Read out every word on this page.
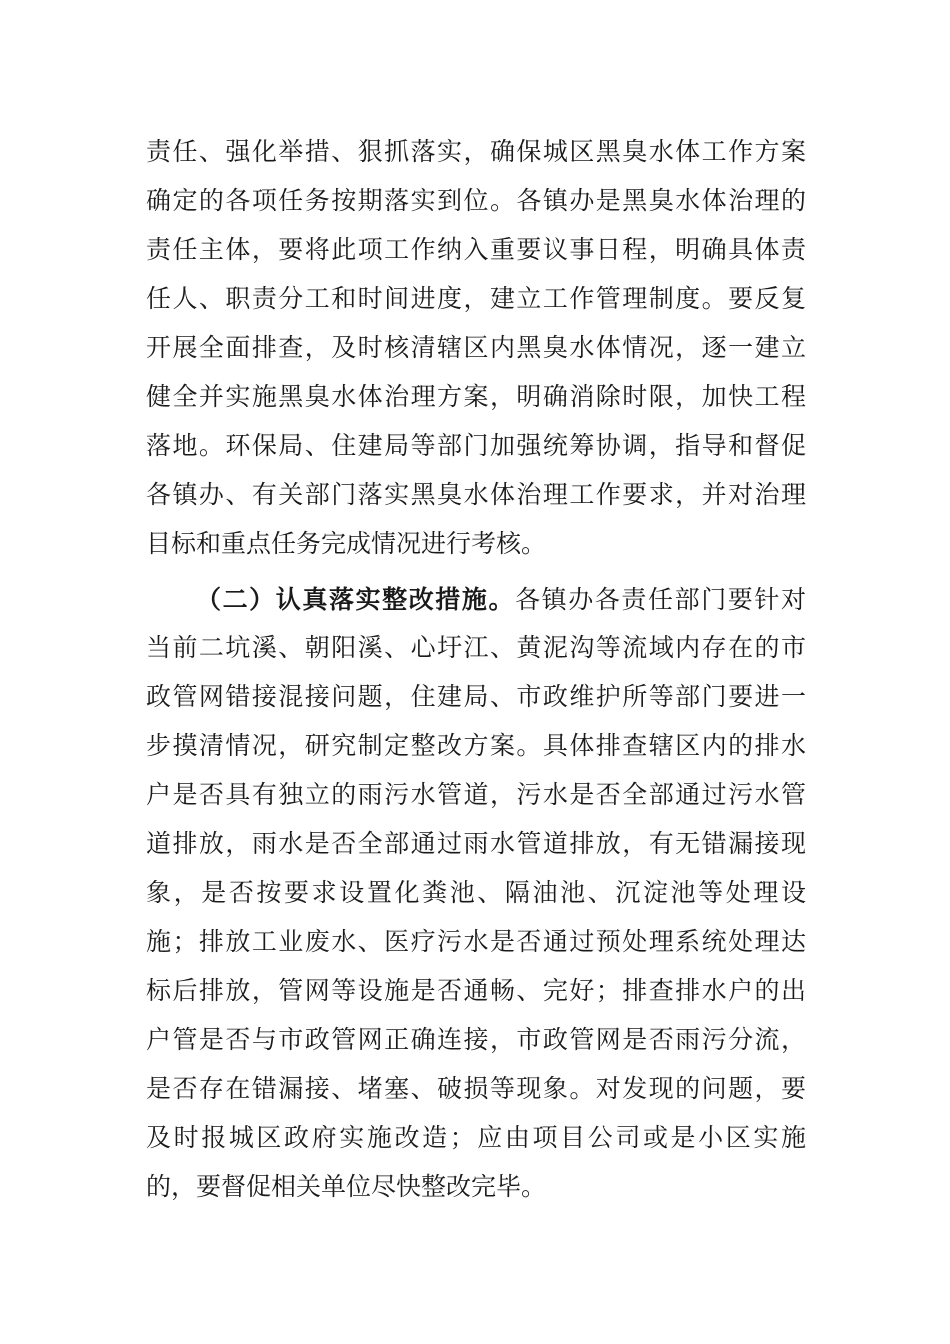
责任、强化举措、狠抓落实，确保城区黑臭水体工作方案
确定的各项任务按期落实到位。各镇办是黑臭水体治理的
责任主体，要将此项工作纳入重要议事日程，明确具体责
任人、职责分工和时间进度，建立工作管理制度。要反复
开展全面排查，及时核清辖区内黑臭水体情况，逐一建立
健全并实施黑臭水体治理方案，明确消除时限，加快工程
落地。环保局、住建局等部门加强统筹协调，指导和督促
各镇办、有关部门落实黑臭水体治理工作要求，并对治理
目标和重点任务完成情况进行考核。
（二）认真落实整改措施。各镇办各责任部门要针对
当前二坑溪、朝阳溪、心圩江、黄泥沟等流域内存在的市
政管网错接混接问题，住建局、市政维护所等部门要进一
步摸清情况，研究制定整改方案。具体排查辖区内的排水
户是否具有独立的雨污水管道，污水是否全部通过污水管
道排放，雨水是否全部通过雨水管道排放，有无错漏接现
象，是否按要求设置化粪池、隔油池、沉淀池等处理设
施；排放工业废水、医疗污水是否通过预处理系统处理达
标后排放，管网等设施是否通畅、完好；排查排水户的出
户管是否与市政管网正确连接，市政管网是否雨污分流，
是否存在错漏接、堵塞、破损等现象。对发现的问题，要
及时报城区政府实施改造；应由项目公司或是小区实施
的，要督促相关单位尽快整改完毕。
